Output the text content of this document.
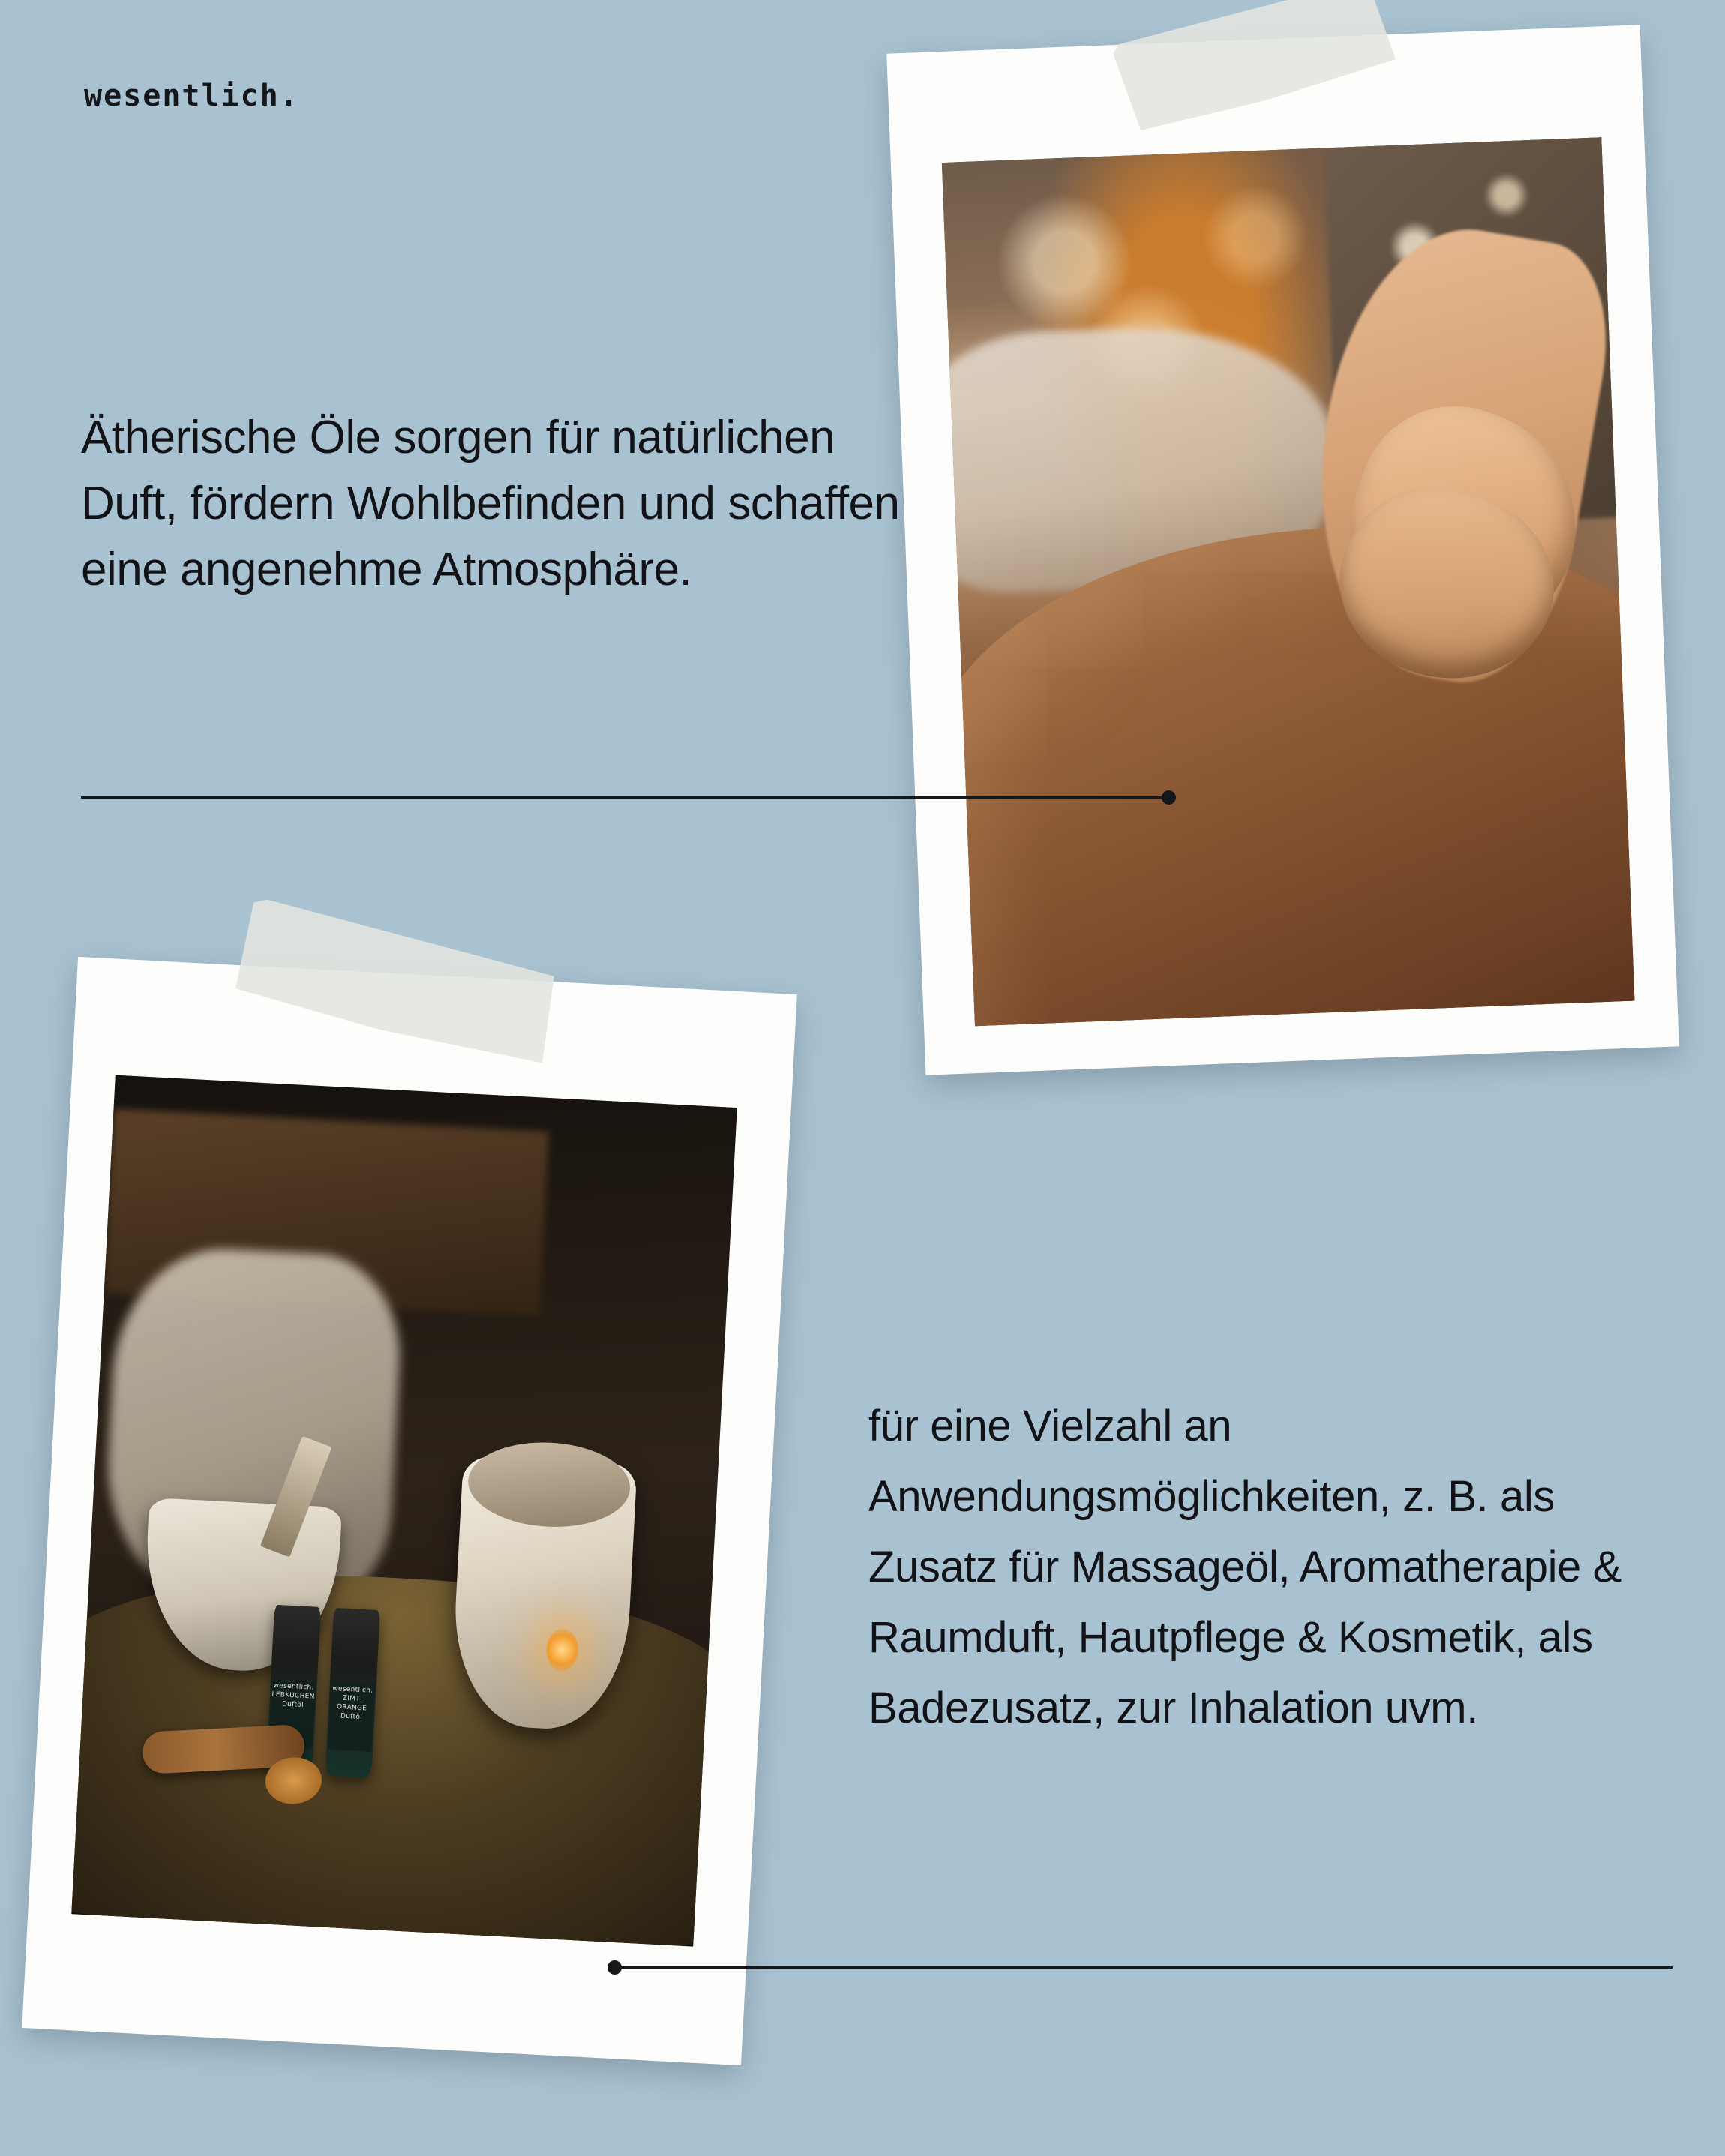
wesentlich.
wesentlich.
LEBKUCHEN
Duftöl
wesentlich.
ZIMT-ORANGE
Duftöl
Ätherische Öle sorgen für natürlichen Duft, fördern Wohlbefinden und schaffen eine angenehme Atmosphäre.
für eine Vielzahl an Anwendungsmöglichkeiten, z. B. als Zusatz für Massageöl, Aromatherapie & Raumduft, Hautpflege & Kosmetik, als Badezusatz, zur Inhalation uvm.
